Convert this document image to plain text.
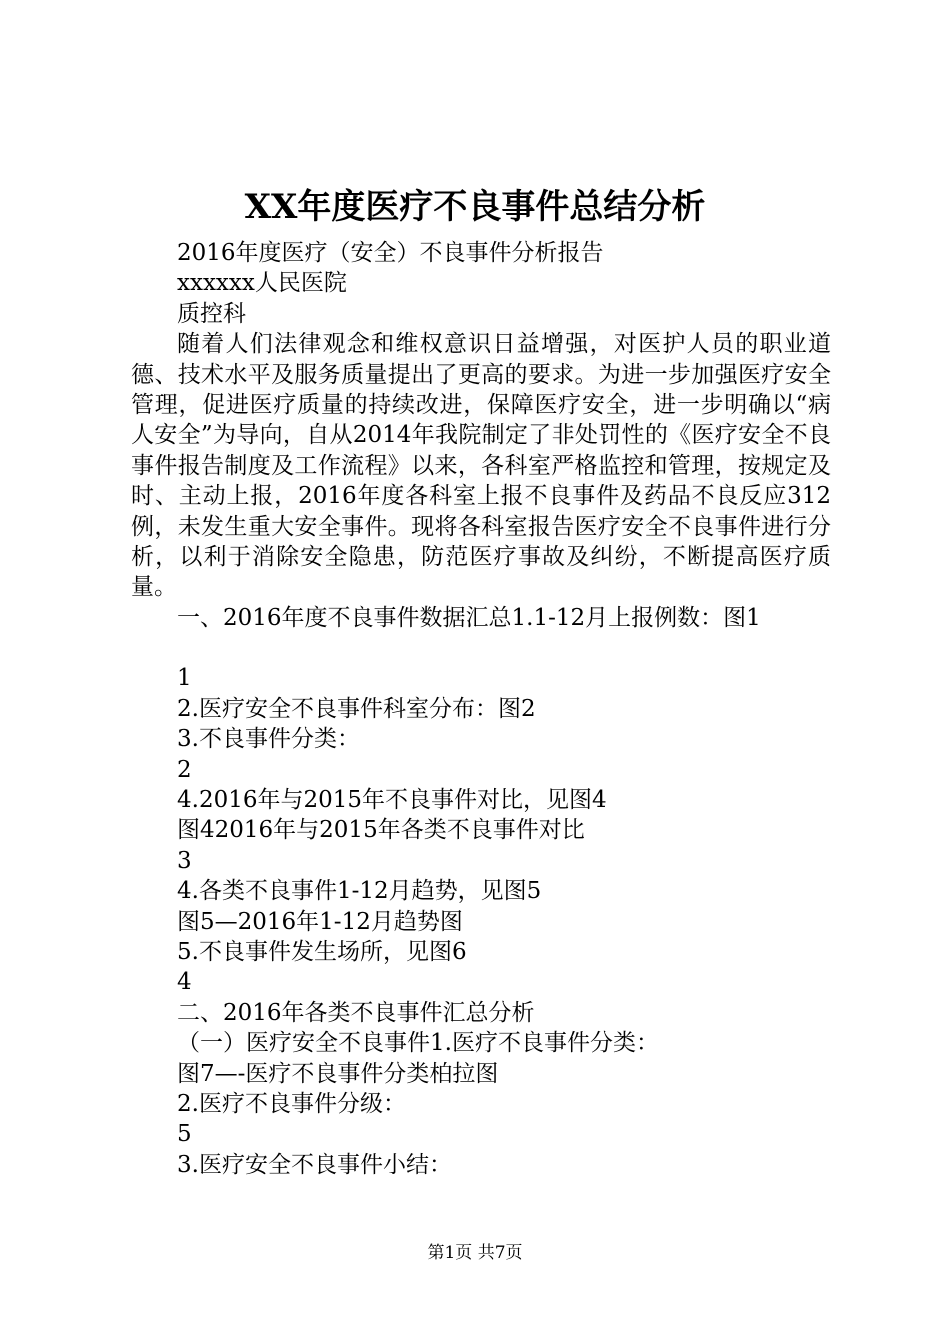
XX年度医疗不良事件总结分析
2016年度医疗（安全）不良事件分析报告
xxxxxx人民医院
质控科
随着人们法律观念和维权意识日益增强，对医护人员的职业道德、技术水平及服务质量提出了更高的要求。为进一步加强医疗安全管理，促进医疗质量的持续改进，保障医疗安全，进一步明确以“病人安全”为导向，自从2014年我院制定了非处罚性的《医疗安全不良事件报告制度及工作流程》以来，各科室严格监控和管理，按规定及时、主动上报，2016年度各科室上报不良事件及药品不良反应312例，未发生重大安全事件。现将各科室报告医疗安全不良事件进行分析，以利于消除安全隐患，防范医疗事故及纠纷，不断提高医疗质量。
一、2016年度不良事件数据汇总1.1-12月上报例数：图1
1
2.医疗安全不良事件科室分布：图2
3.不良事件分类：
2
4.2016年与2015年不良事件对比，见图4
图42016年与2015年各类不良事件对比
3
4.各类不良事件1-12月趋势，见图5
图5—2016年1-12月趋势图
5.不良事件发生场所，见图6
4
二、2016年各类不良事件汇总分析
（一）医疗安全不良事件1.医疗不良事件分类：
图7—-医疗不良事件分类柏拉图
2.医疗不良事件分级：
5
3.医疗安全不良事件小结：
第1页 共7页
